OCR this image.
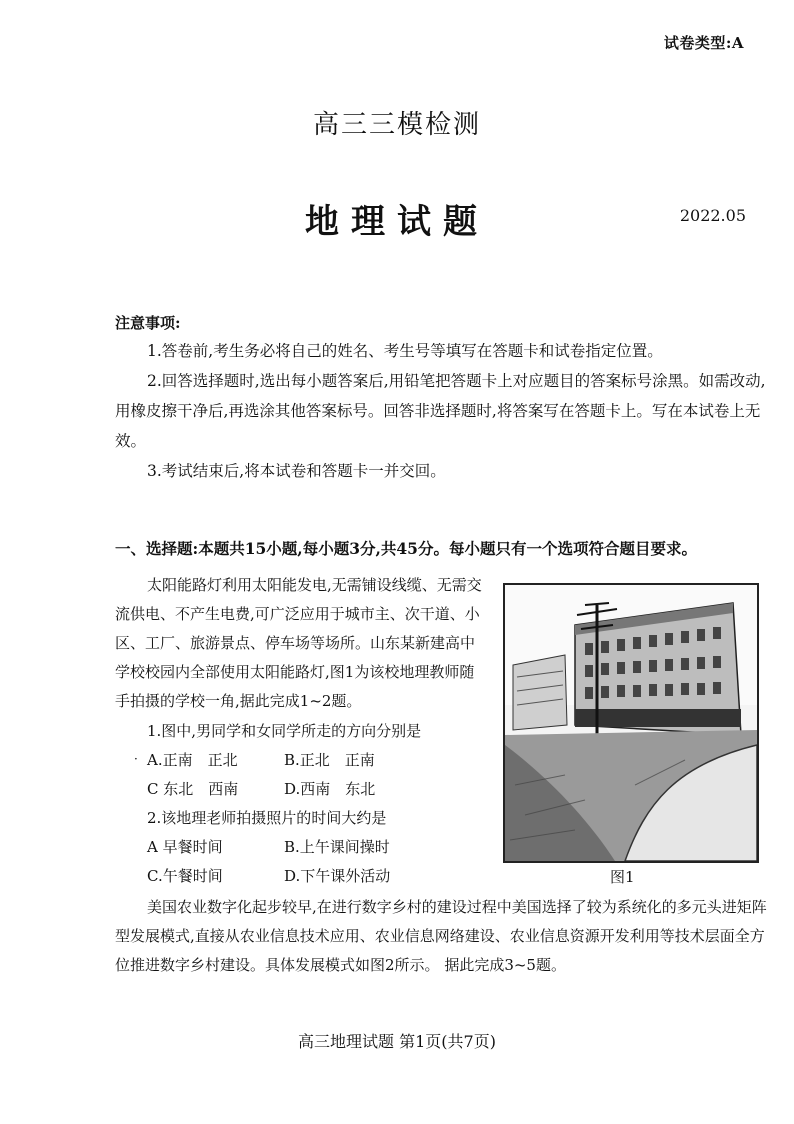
试卷类型:A
高三三模检测
地理试题	2022.05
注意事项:
1.答卷前,考生务必将自己的姓名、考生号等填写在答题卡和试卷指定位置。
2.回答选择题时,选出每小题答案后,用铅笔把答题卡上对应题目的答案标号涂黑。如需改动,用橡皮擦干净后,再选涂其他答案标号。回答非选择题时,将答案写在答题卡上。写在本试卷上无效。
3.考试结束后,将本试卷和答题卡一并交回。
一、选择题:本题共15小题,每小题3分,共45分。每小题只有一个选项符合题目要求。
太阳能路灯利用太阳能发电,无需铺设线缆、无需交流供电、不产生电费,可广泛应用于城市主、次干道、小区、工厂、旅游景点、停车场等场所。山东某新建高中学校校园内全部使用太阳能路灯,图1为该校地理教师随手拍摄的学校一角,据此完成1~2题。
1.图中,男同学和女同学所走的方向分别是
· A.正南　正北	B.正北　正南
C 东北　西南	D.西南　东北
2.该地理老师拍摄照片的时间大约是
A 早餐时间	B.上午课间操时
C.午餐时间	D.下午课外活动	图1
美国农业数字化起步较早,在进行数字乡村的建设过程中美国选择了较为系统化的多元头进矩阵型发展模式,直接从农业信息技术应用、农业信息网络建设、农业信息资源开发利用等技术层面全方位推进数字乡村建设。具体发展模式如图2所示。 据此完成3~5题。
高三地理试题 第1页(共7页)
